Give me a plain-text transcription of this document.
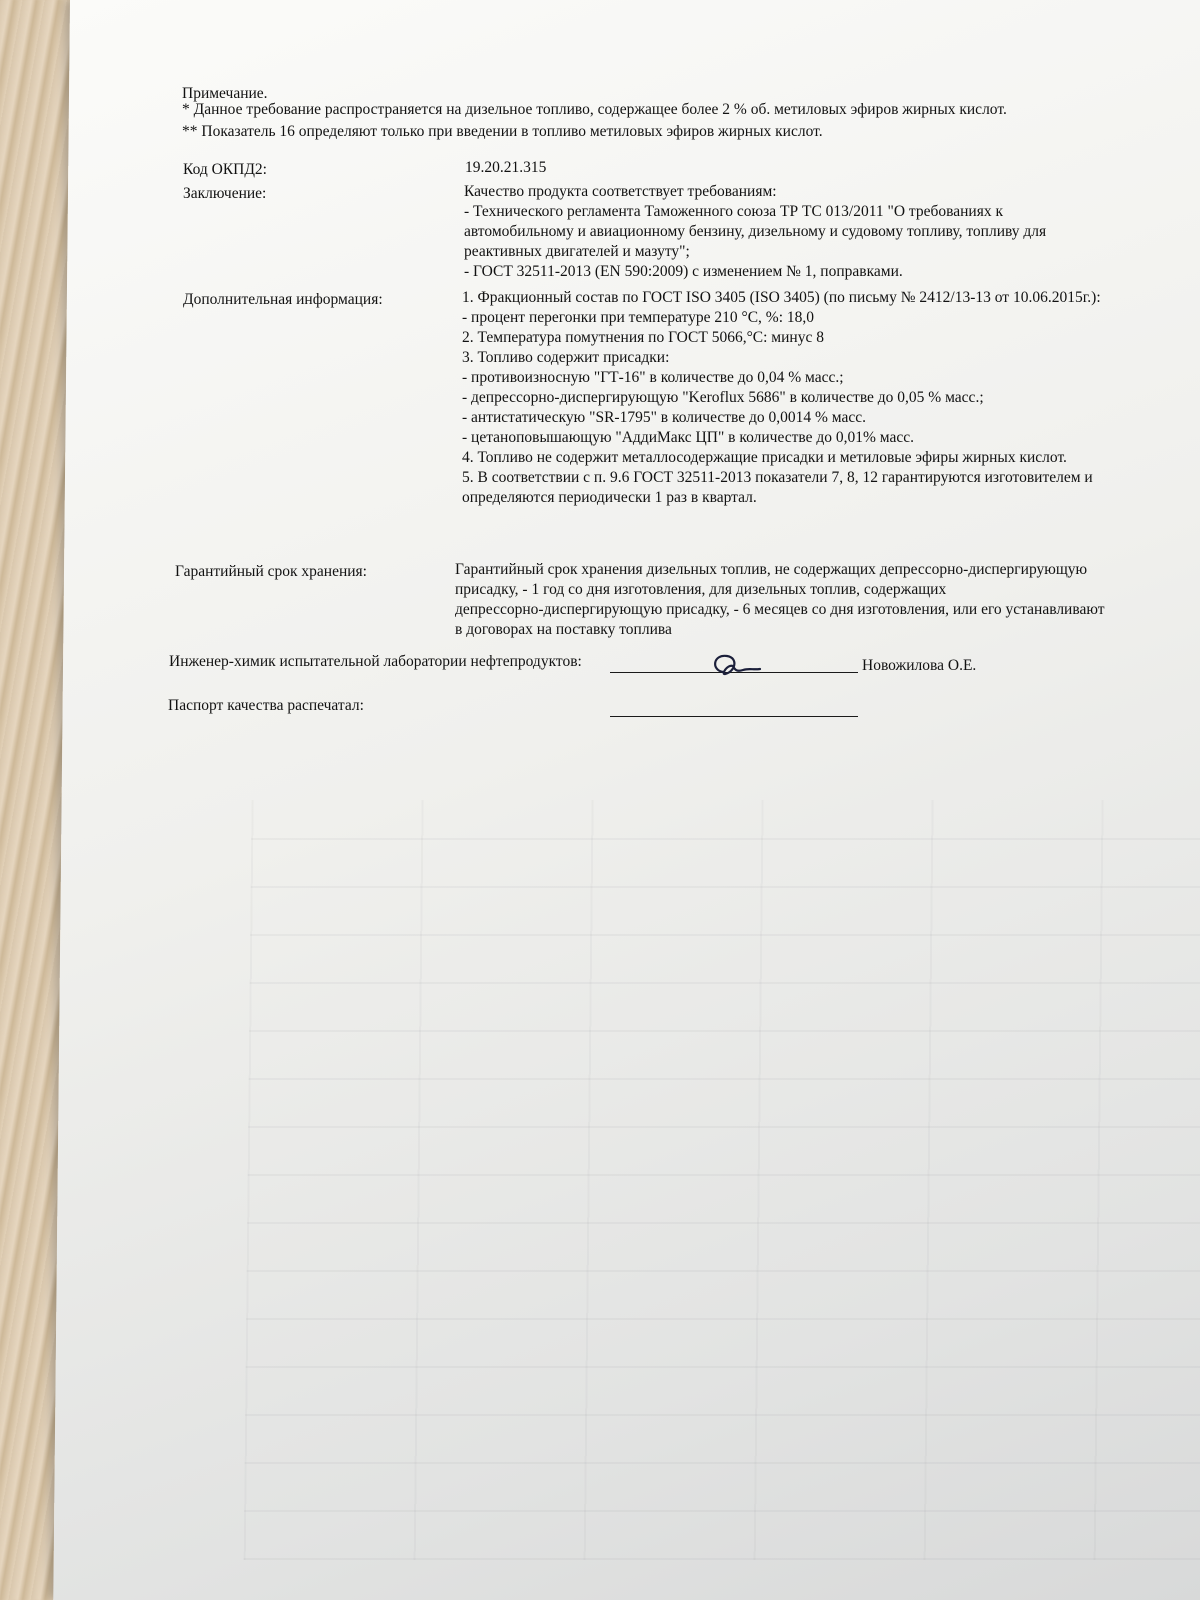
Примечание.
* Данное требование распространяется на дизельное топливо, содержащее более 2 % об. метиловых эфиров жирных кислот.
** Показатель 16 определяют только при введении в топливо метиловых эфиров жирных кислот.
Код ОКПД2:	19.20.21.315
Заключение:	Качество продукта соответствует требованиям:
- Технического регламента Таможенного союза ТР ТС 013/2011 "О требованиях к
автомобильному и авиационному бензину, дизельному и судовому топливу, топливу для
реактивных двигателей и мазуту";
- ГОСТ 32511-2013 (EN 590:2009) с изменением № 1, поправками.
Дополнительная информация:	1. Фракционный состав по ГОСТ ISO 3405 (ISO 3405) (по письму № 2412/13-13 от 10.06.2015г.):
- процент перегонки при температуре 210 °С, %: 18,0
2. Температура помутнения по ГОСТ 5066,°С: минус 8
3. Топливо содержит присадки:
- противоизносную "ГТ-16" в количестве до 0,04 % масс.;
- депрессорно-диспергирующую "Keroflux 5686" в количестве до 0,05 % масс.;
- антистатическую "SR-1795" в количестве до 0,0014 % масс.
- цетаноповышающую "АддиМакс ЦП" в количестве до 0,01% масс.
4. Топливо не содержит металлосодержащие присадки и метиловые эфиры жирных кислот.
5. В соответствии с п. 9.6 ГОСТ 32511-2013 показатели 7, 8, 12 гарантируются изготовителем и
определяются периодически 1 раз в квартал.
Гарантийный срок хранения:	Гарантийный срок хранения дизельных топлив, не содержащих депрессорно-диспергирующую
присадку, - 1 год со дня изготовления, для дизельных топлив, содержащих
депрессорно-диспергирующую присадку, - 6 месяцев со дня изготовления, или его устанавливают
в договорах на поставку топлива
Инженер-химик испытательной лаборатории нефтепродуктов:	Новожилова О.Е.
Паспорт качества распечатал:
